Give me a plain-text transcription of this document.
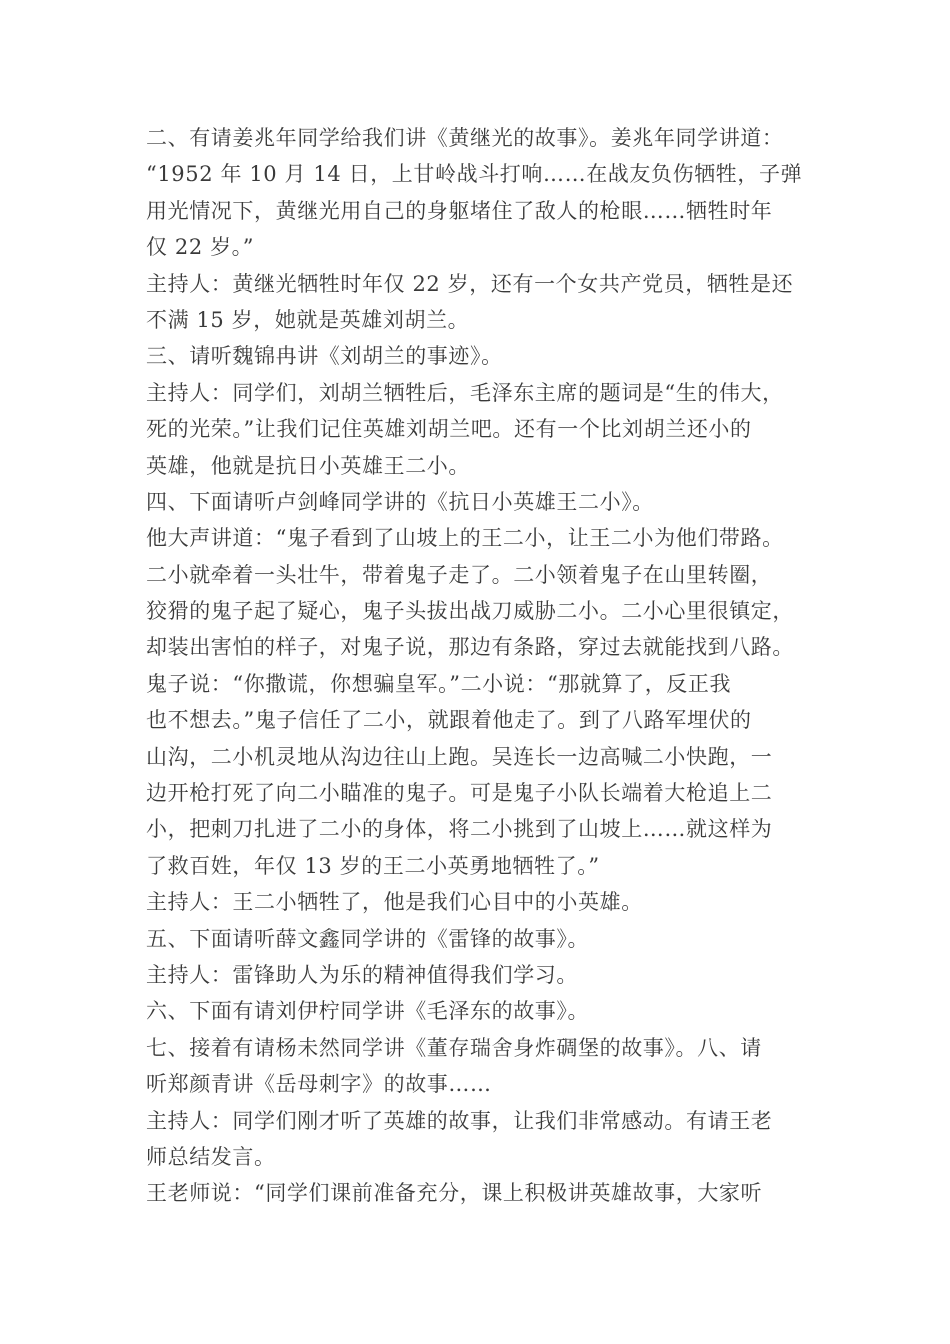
二、有请姜兆年同学给我们讲《黄继光的故事》。姜兆年同学讲道：
“1952 年 10 月 14 日，上甘岭战斗打响……在战友负伤牺牲，子弹
用光情况下，黄继光用自己的身躯堵住了敌人的枪眼……牺牲时年
仅 22 岁。”
主持人：黄继光牺牲时年仅 22 岁，还有一个女共产党员，牺牲是还
不满 15 岁，她就是英雄刘胡兰。
三、请听魏锦冉讲《刘胡兰的事迹》。
主持人：同学们，刘胡兰牺牲后，毛泽东主席的题词是“生的伟大，
死的光荣。”让我们记住英雄刘胡兰吧。还有一个比刘胡兰还小的
英雄，他就是抗日小英雄王二小。
四、下面请听卢剑峰同学讲的《抗日小英雄王二小》。
他大声讲道：“鬼子看到了山坡上的王二小，让王二小为他们带路。
二小就牵着一头壮牛，带着鬼子走了。二小领着鬼子在山里转圈，
狡猾的鬼子起了疑心，鬼子头拔出战刀威胁二小。二小心里很镇定，
却装出害怕的样子，对鬼子说，那边有条路，穿过去就能找到八路。
鬼子说：“你撒谎，你想骗皇军。”二小说：“那就算了，反正我
也不想去。”鬼子信任了二小，就跟着他走了。到了八路军埋伏的
山沟，二小机灵地从沟边往山上跑。吴连长一边高喊二小快跑，一
边开枪打死了向二小瞄准的鬼子。可是鬼子小队长端着大枪追上二
小，把刺刀扎进了二小的身体，将二小挑到了山坡上……就这样为
了救百姓，年仅 13 岁的王二小英勇地牺牲了。”
主持人：王二小牺牲了，他是我们心目中的小英雄。
五、下面请听薛文鑫同学讲的《雷锋的故事》。
主持人：雷锋助人为乐的精神值得我们学习。
六、下面有请刘伊柠同学讲《毛泽东的故事》。
七、接着有请杨未然同学讲《董存瑞舍身炸碉堡的故事》。八、请
听郑颜青讲《岳母刺字》的故事……
主持人：同学们刚才听了英雄的故事，让我们非常感动。有请王老
师总结发言。
王老师说：“同学们课前准备充分，课上积极讲英雄故事，大家听
